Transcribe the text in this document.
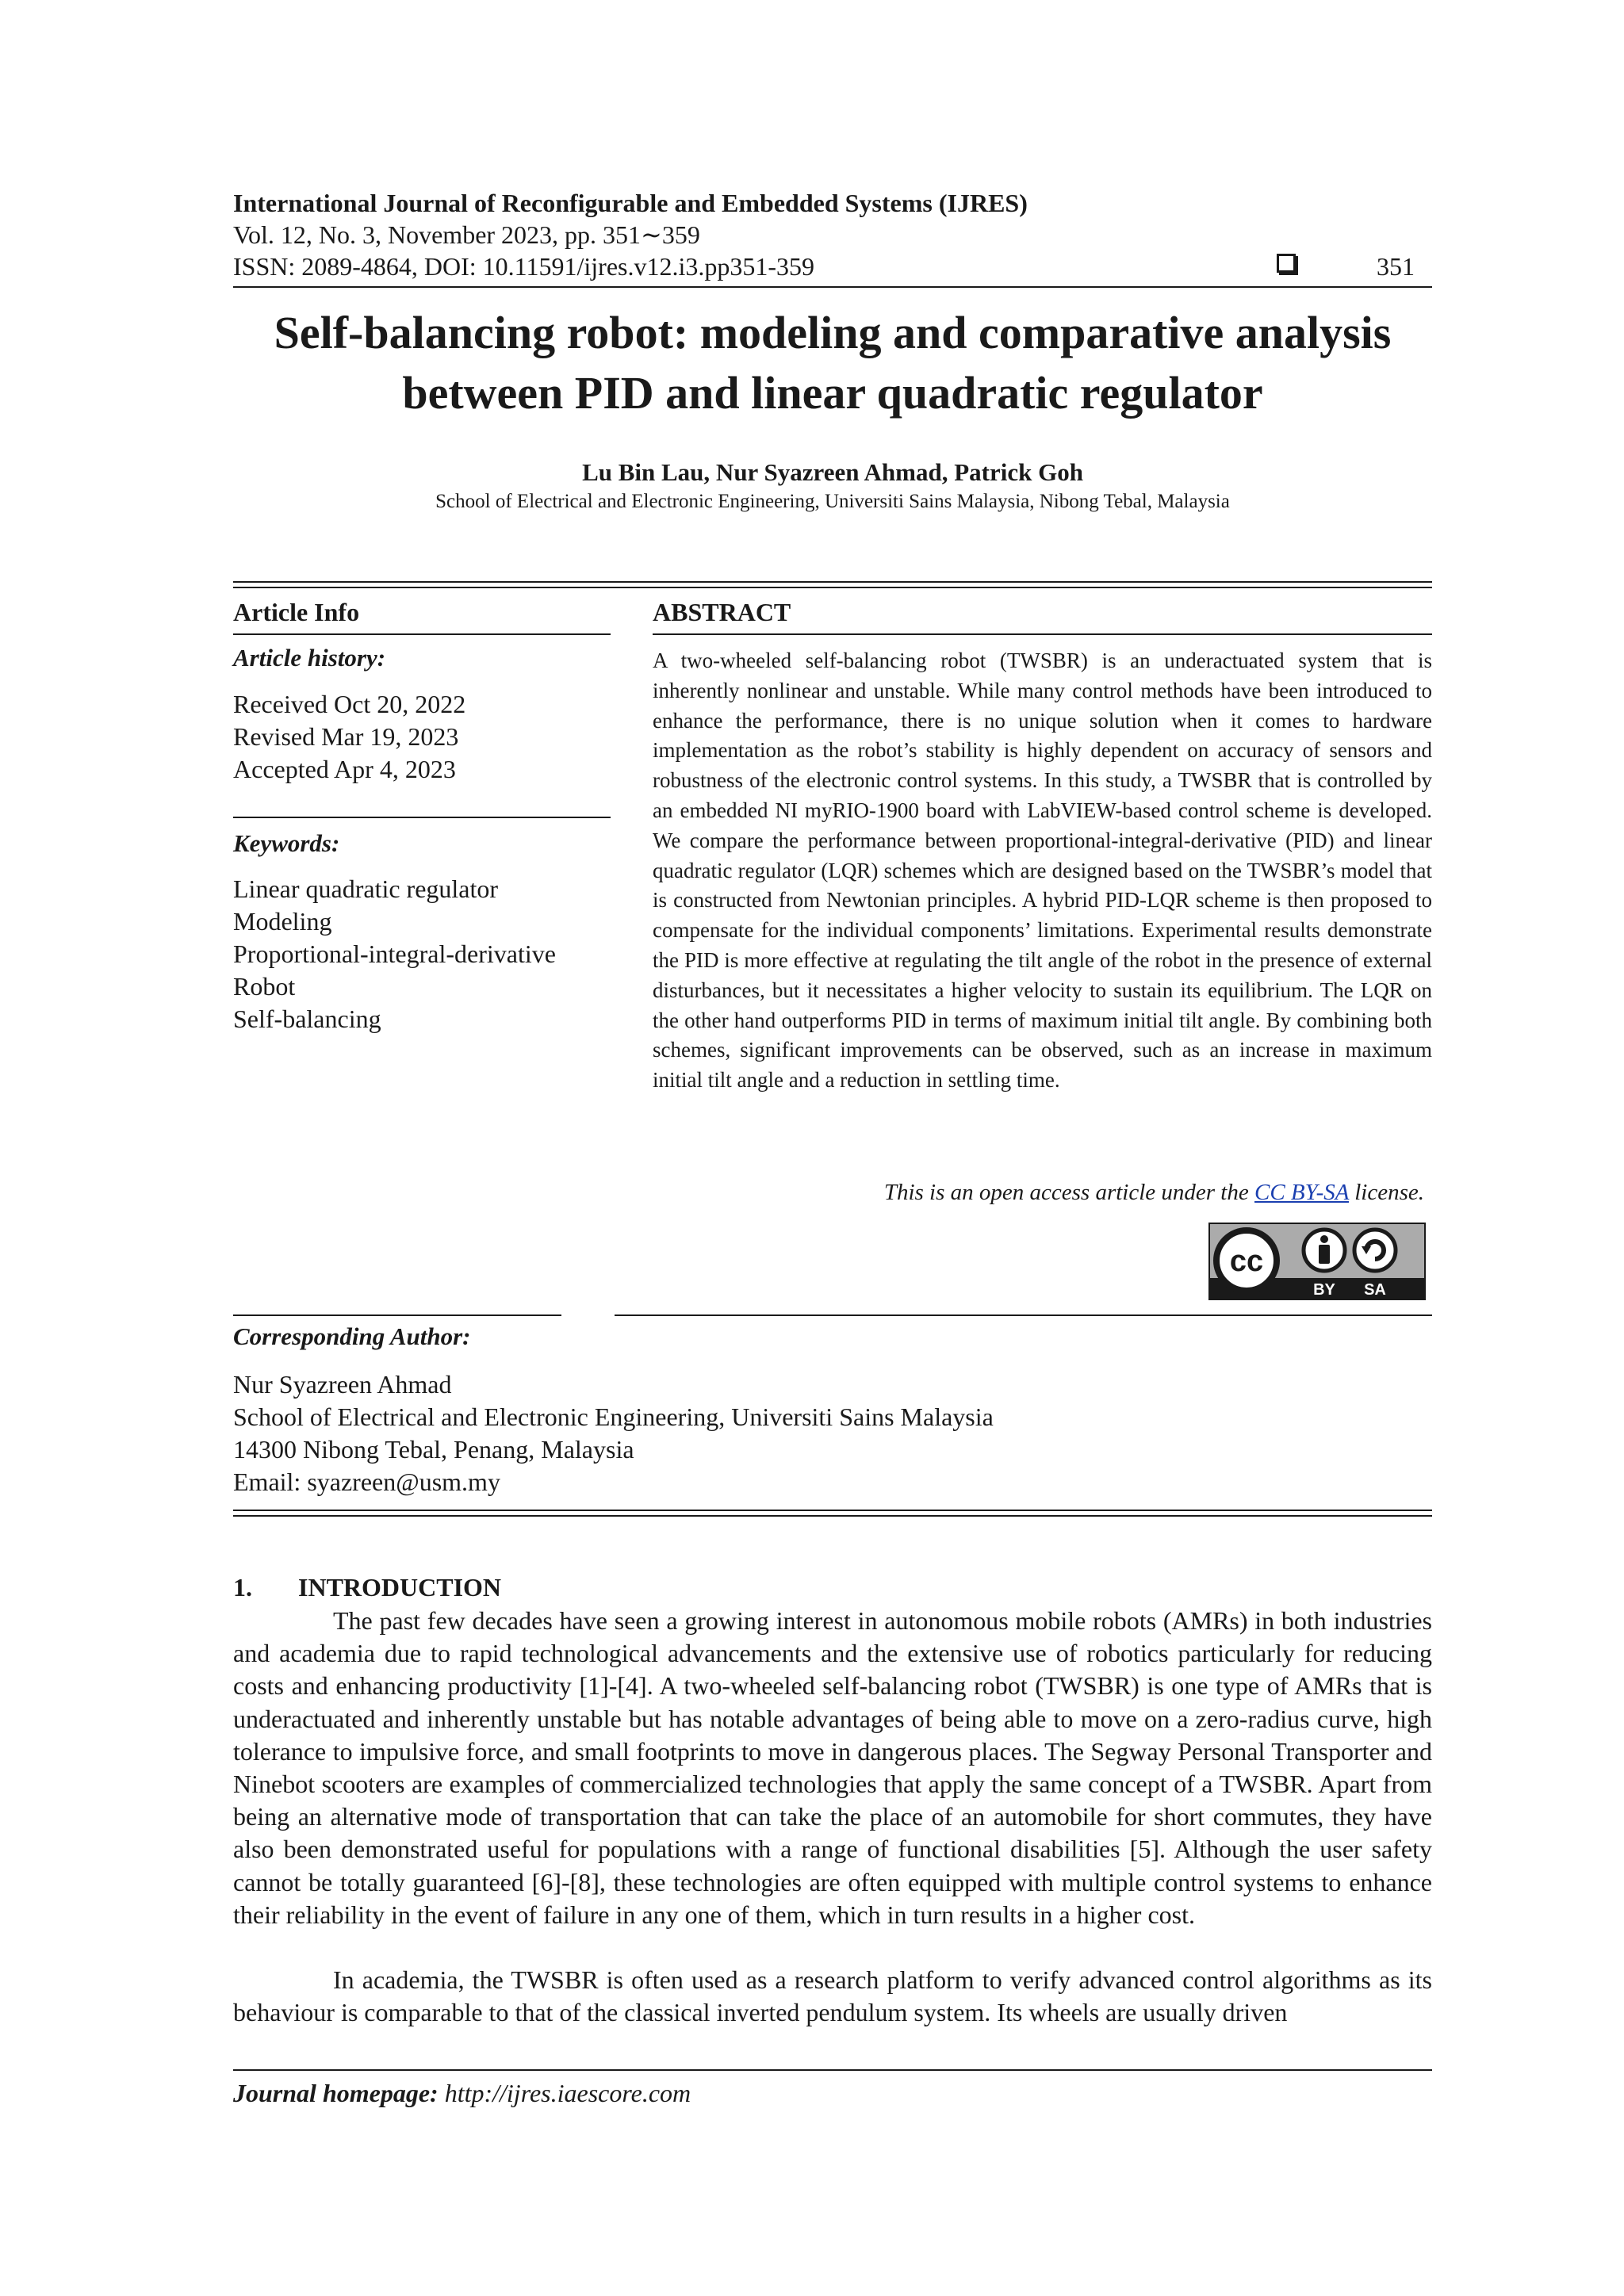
International Journal of Reconfigurable and Embedded Systems (IJRES)
Vol. 12, No. 3, November 2023, pp. 351∼359
ISSN: 2089-4864, DOI: 10.11591/ijres.v12.i3.pp351-359	351
Self-balancing robot: modeling and comparative analysis
between PID and linear quadratic regulator
Lu Bin Lau, Nur Syazreen Ahmad, Patrick Goh
School of Electrical and Electronic Engineering, Universiti Sains Malaysia, Nibong Tebal, Malaysia
Article Info
Article history:
Received Oct 20, 2022
Revised Mar 19, 2023
Accepted Apr 4, 2023
Keywords:
Linear quadratic regulator
Modeling
Proportional-integral-derivative
Robot
Self-balancing
ABSTRACT
A two-wheeled self-balancing robot (TWSBR) is an underactuated system that is inherently nonlinear and unstable. While many control methods have been introduced to enhance the performance, there is no unique solution when it comes to hardware implementation as the robot’s stability is highly dependent on accuracy of sensors and robustness of the electronic control systems. In this study, a TWSBR that is controlled by an embedded NI myRIO-1900 board with LabVIEW-based control scheme is developed. We compare the performance between proportional-integral-derivative (PID) and linear quadratic regulator (LQR) schemes which are designed based on the TWSBR’s model that is constructed from Newtonian principles. A hybrid PID-LQR scheme is then proposed to compensate for the individual components’ limitations. Experimental results demonstrate the PID is more effective at regulating the tilt angle of the robot in the presence of external disturbances, but it necessitates a higher velocity to sustain its equilibrium. The LQR on the other hand outperforms PID in terms of maximum initial tilt angle. By combining both schemes, significant improvements can be observed, such as an increase in maximum initial tilt angle and a reduction in settling time.
This is an open access article under the CC BY-SA license.
cc
BY SA
Corresponding Author:
Nur Syazreen Ahmad
School of Electrical and Electronic Engineering, Universiti Sains Malaysia
14300 Nibong Tebal, Penang, Malaysia
Email: syazreen@usm.my
1. INTRODUCTION
The past few decades have seen a growing interest in autonomous mobile robots (AMRs) in both industries and academia due to rapid technological advancements and the extensive use of robotics particularly for reducing costs and enhancing productivity [1]-[4]. A two-wheeled self-balancing robot (TWSBR) is one type of AMRs that is underactuated and inherently unstable but has notable advantages of being able to move on a zero-radius curve, high tolerance to impulsive force, and small footprints to move in dangerous places. The Segway Personal Transporter and Ninebot scooters are examples of commercialized technologies that apply the same concept of a TWSBR. Apart from being an alternative mode of transportation that can take the place of an automobile for short commutes, they have also been demonstrated useful for populations with a range of functional disabilities [5]. Although the user safety cannot be totally guaranteed [6]-[8], these technologies are often equipped with multiple control systems to enhance their reliability in the event of failure in any one of them, which in turn results in a higher cost.
In academia, the TWSBR is often used as a research platform to verify advanced control algorithms as its behaviour is comparable to that of the classical inverted pendulum system. Its wheels are usually driven
Journal homepage: http://ijres.iaescore.com
